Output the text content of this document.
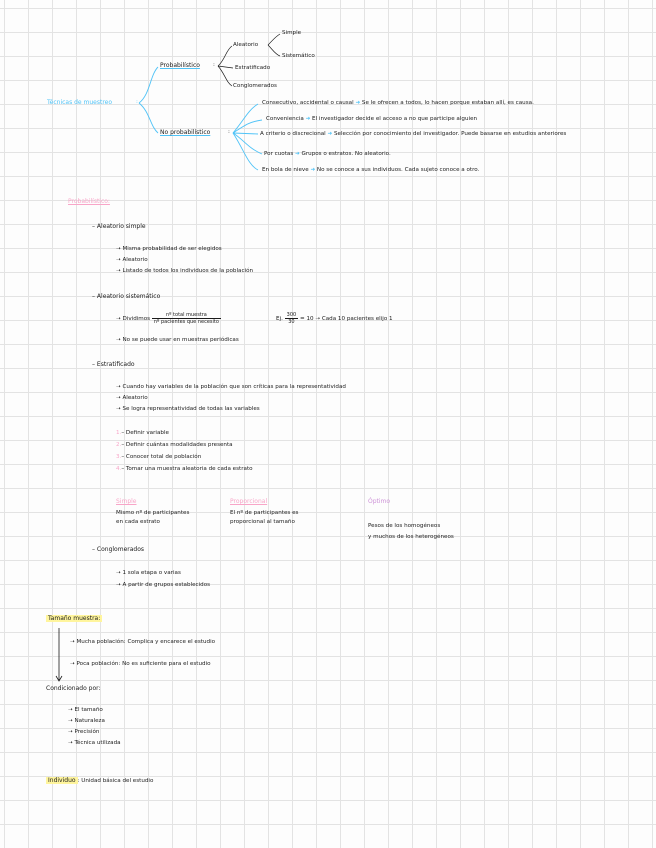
Técnicas de muestreo	:
Probabilístico :
Aleatorio
Simple
Sistemático
Estratificado
Conglomerados
No probabilístico	:
Consecutivo, accidental o causal ➜ Se le ofrecen a todos, lo hacen porque estaban allí, es causa.
Conveniencia ➜ El investigador decide el acceso a no que participe alguien
A criterio o discrecional ➜ Selección por conocimiento del investigador. Puede basarse en estudios anteriores
Por cuotas ➜ Grupos o estratos. No aleatorio.
En bola de nieve ➜ No se conoce a sus individuos. Cada sujeto conoce a otro.
Probabilístico:
– Aleatorio simple
➝ Misma probabilidad de ser elegidos
➝ Aleatorio
➝ Listado de todos los individuos de la población
– Aleatorio sistemático
➝ Dividimos $\frac{\text{nº total muestra}}{\text{nº pacientes que necesito}}$	Ej. $\frac{300}{30} = 10$ ➝ Cada 10 pacientes elijo 1
➝ No se puede usar en muestras periódicas
– Estratificado
➝ Cuando hay variables de la población que son críticas para la representatividad
➝ Aleatorio
➝ Se logra representatividad de todas las variables
1.– Definir variable
2.– Definir cuántas modalidades presenta
3.– Conocer total de población
4.– Tomar una muestra aleatoria de cada estrato
Simple
Mismo nº de participantes
en cada estrato
Proporcional
El nº de participantes es
proporcional al tamaño
Óptimo
Pesos de los homogéneos
y muchos de los heterogéneos
– Conglomerados
➝ 1 sola etapa o varias
➝ A partir de grupos establecidos
Tamaño muestra:
➝ Mucha población: Complica y encarece el estudio
➝ Poca población: No es suficiente para el estudio
Condicionado por:
➝ El tamaño
➝ Naturaleza
➝ Precisión
➝ Técnica utilizada
Individuo : Unidad básica del estudio
